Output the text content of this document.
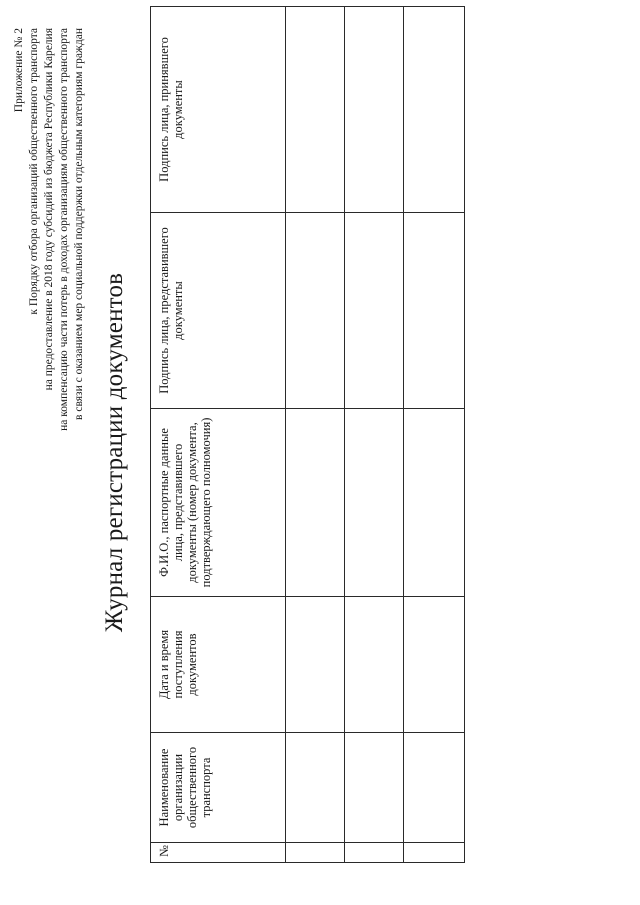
Приложение № 2 к Порядку отбора организаций общественного транспорта на предоставление в 2018 году субсидий из бюджета Республики Карелия на компенсацию части потерь в доходах организациям общественного транспорта в связи с оказанием мер социальной поддержки отдельным категориям граждан
Журнал регистрации документов
№	Наименование организации общественного транспорта	Дата и время поступления документов	Ф.И.О., паспортные данные лица, представившего документы (номер документа, подтверждающего полномочия)	Подпись лица, представившего документы	Подпись лица, принявшего документы
